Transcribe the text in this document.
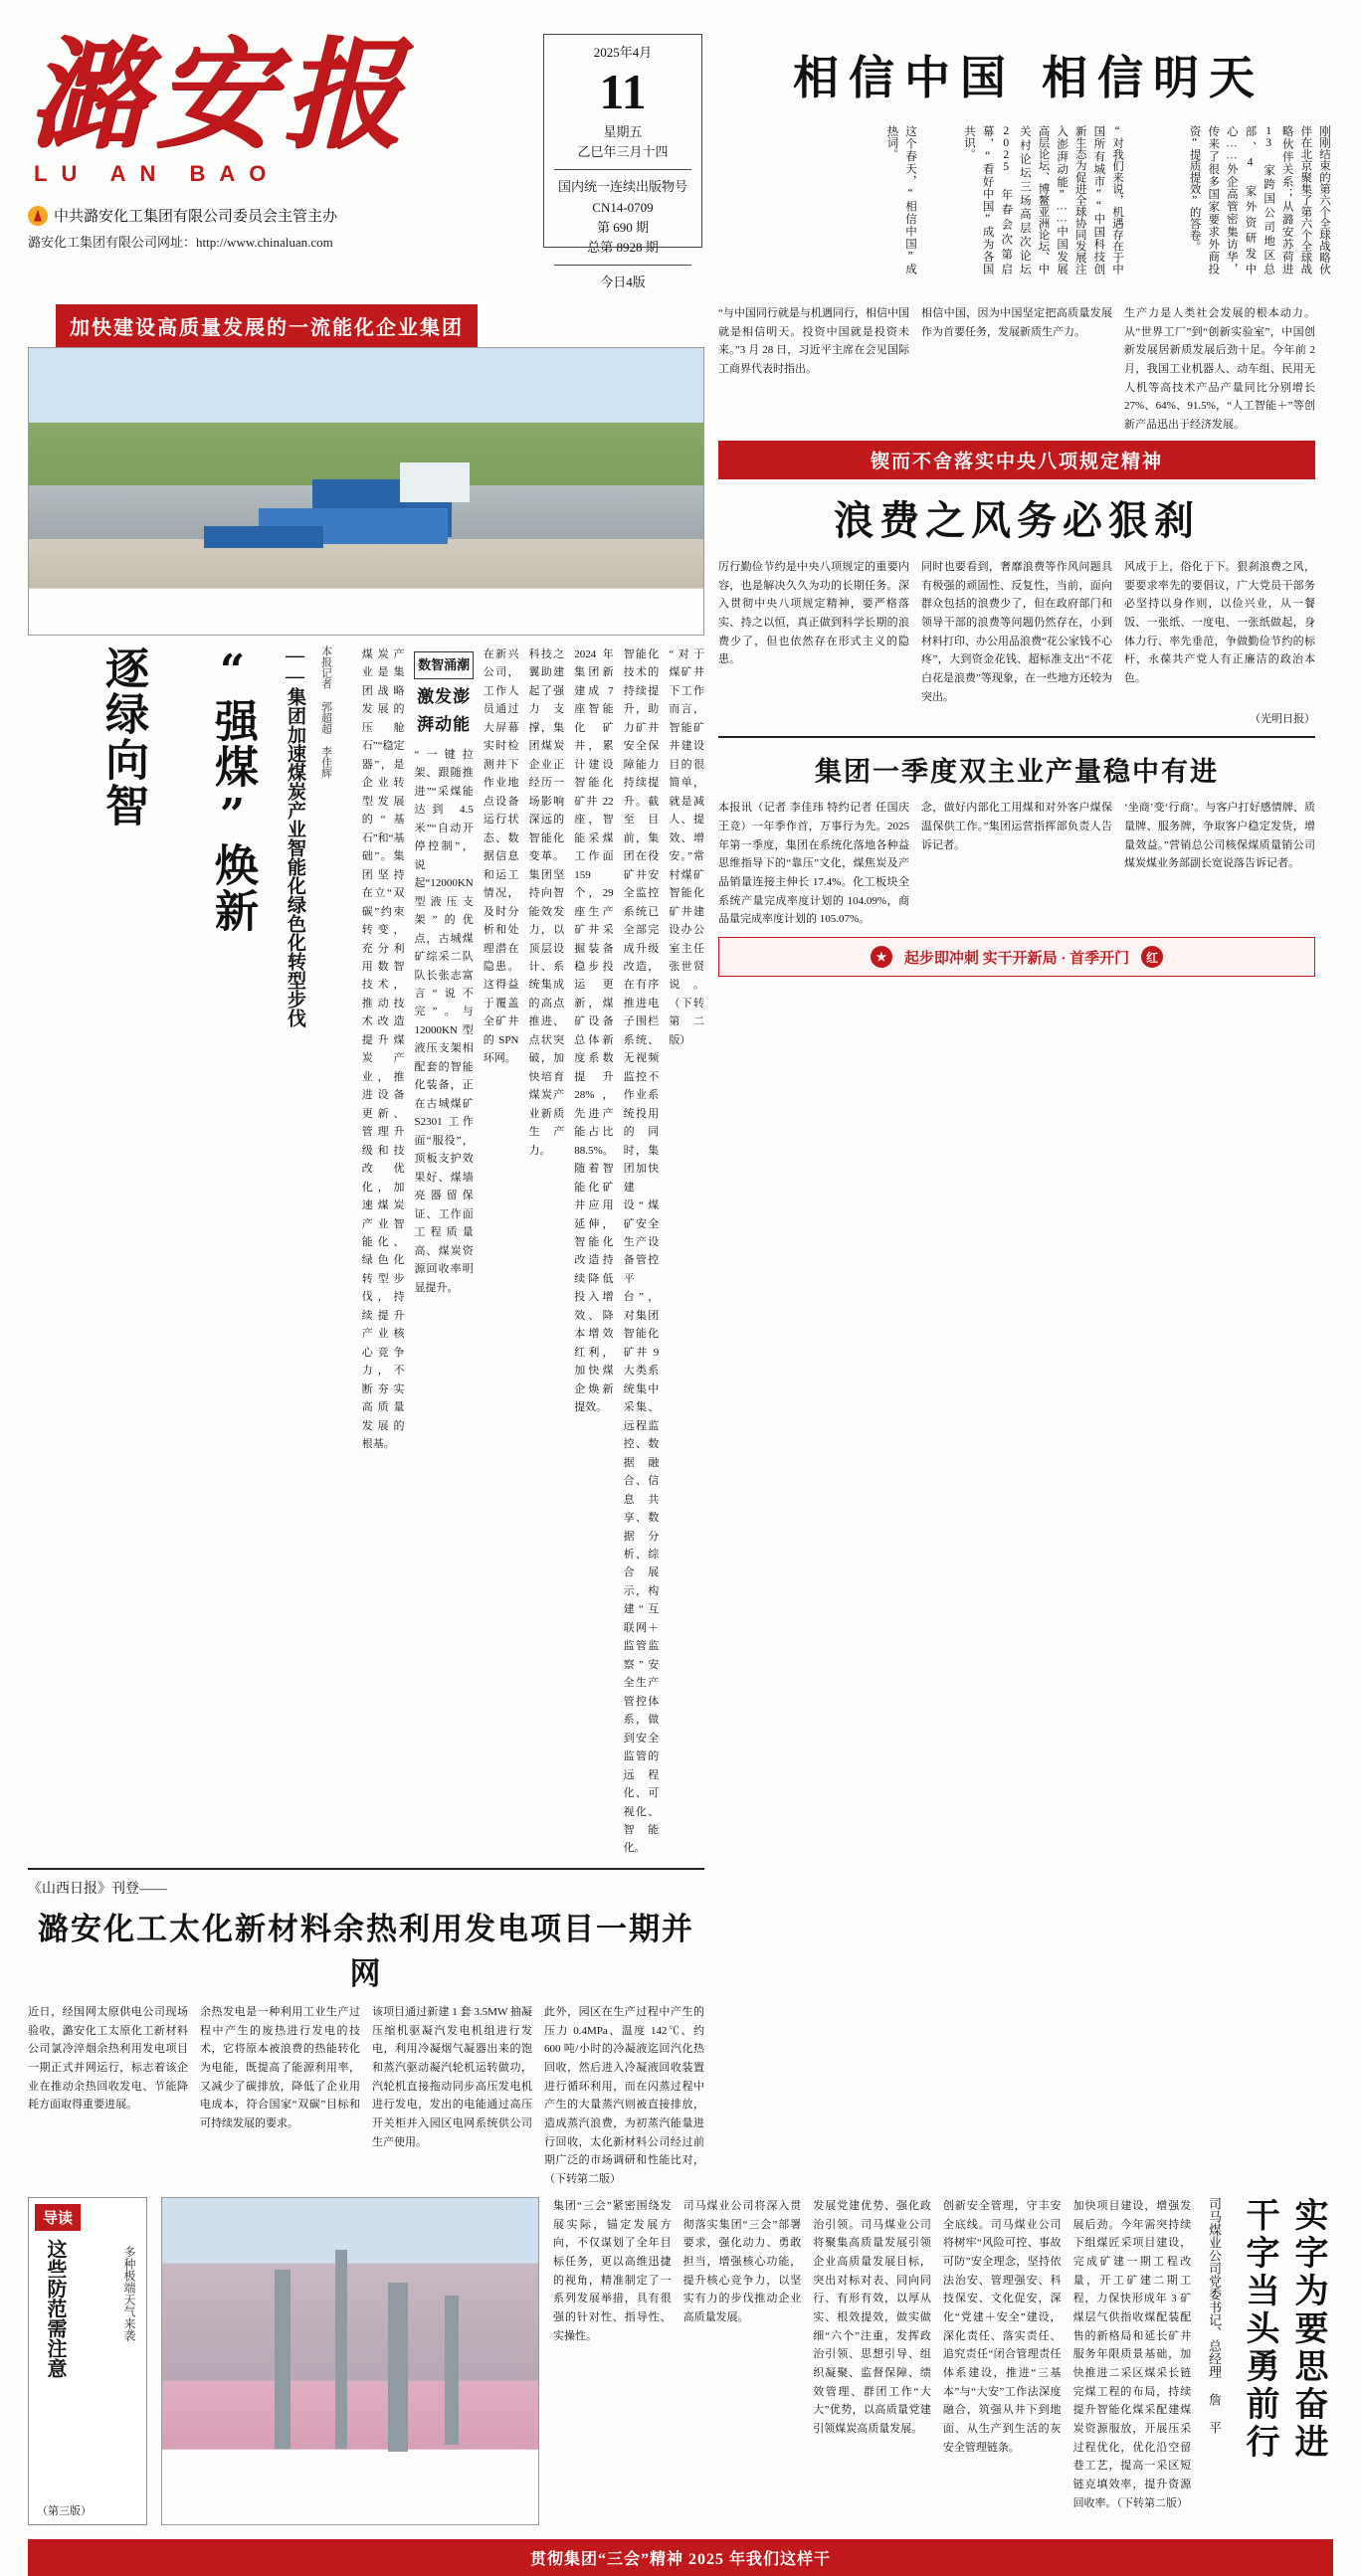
潞安报
LU AN BAO
中共潞安化工集团有限公司委员会主管主办
潞安化工集团有限公司网址：http://www.chinaluan.com
2025年4月
11
星期五
乙巳年三月十四
国内统一连续出版物号
CN14-0709
第 690 期
总第 8928 期
今日4版
相信中国 相信明天
这个春天，“相信中国”成热词。	“对我们来说，机遇存在于中国所有城市”“中国科技创新生态为促进全球协同发展注入澎湃动能”……中国发展高层论坛、博鳌亚洲论坛、中关村论坛三场高层次论坛 2025 年春会次第启幕，“看好中国”成为各国共识。	刚刚结束的第六个全球战略伙伴在北京聚集了第六个全球战略伙伴关系；从潞安苏荷进 13 家跨国公司地区总部、4 家外资研发中心……外企高管密集访华，传来了很多国家要求外商投资“提质提效”的答卷。
加快建设高质量发展的一流能化企业集团
潞安工程公司沁州煤业公司智能化矿区鸟瞰图	乔立强摄
逐绿向智	“强煤”焕新	——集团加速煤炭产业智能化绿色化转型步伐	本报记者 郭超超 李佳辉	煤炭产业是集团战略发展的压舱石”“稳定器”，是企业转型发展的“基石”和“基础”。集团坚持在立“双碳”约束转变，充分利用数智技术，推动技术改造提升煤炭产业，推进设备更新、管理升级和技改优化，加速煤炭产业智能化、绿色化转型步伐，持续提升产业核心竞争力，不断夯实高质量发展的根基。
数智涌潮
激发澎湃动能
“一键拉架、跟随推进”“采煤能达到 4.5 米”“自动开停控制”，说起“12000KN 型液压支架”的优点，古城煤矿综采二队队长张志富言“说不完”。与 12000KN 型液压支架相配套的智能化装备，正在古城煤矿 S2301 工作面“服役”，顶板支护效果好、煤墙亮器留保证、工作面工程质量高、煤炭资源回收率明显提升。
在新兴公司，工作人员通过大屏幕实时检测井下作业地点设备运行状态、数据信息和运工情况，及时分析和处理潜在隐患。这得益于覆盖全矿井的 SPN 环网。
科技之翼助建起了强力支撑，集团煤炭企业正经历一场影响深远的智能化变革。集团坚持向智能效发力，以顶层设计、系统集成的高点推进、点状突破，加快培育煤炭产业新质生产力。
2024 年集团新建成 7 座智能化矿井，累计建设智能化矿井 22 座，智能采煤工作面 159 个，29 座生产矿井采掘装备稳步投运更新，煤矿设备总体新度系数提升 28%，先进产能占比 88.5%。随着智能化矿井应用延伸，智能化改造持续降低投入增效、降本增效红利，加快煤企焕新提效。
智能化技术的持续提升，助力矿井安全保障能力持续提升。截至目前，集团在役矿井安全监控系统已全部完成升级改造，在有序推进电子围栏系统、无视频监控不作业系统投用的同时，集团加快建设“煤矿安全生产设备管控平台”，对集团智能化矿井 9 大类系统集中采集、远程监控、数据融合、信息共享、数据分析、综合展示，构建“互联网＋监管监察”安全生产管控体系，做到安全监管的远程化、可视化、智能化。
“对于煤矿井下工作而言，智能矿井建设目的很简单，就是减人、提效、增安。”常村煤矿智能化矿井建设办公室主任张世贤说。（下转第二版）
《山西日报》刊登——
潞安化工太化新材料余热利用发电项目一期并网
近日，经国网太原供电公司现场验收，潞安化工太原化工新材料公司氯冷淬烟余热利用发电项目一期正式并网运行，标志着该企业在推动余热回收发电、节能降耗方面取得重要进展。
余热发电是一种利用工业生产过程中产生的废热进行发电的技术，它将原本被浪费的热能转化为电能，既提高了能源利用率，又减少了碳排放，降低了企业用电成本，符合国家“双碳”目标和可持续发展的要求。
该项目通过新建 1 套 3.5MW 抽凝压缩机驱凝汽发电机组进行发电，利用冷凝烟气凝器出来的饱和蒸汽驱动凝汽轮机运转做功，汽轮机直接拖动同步高压发电机进行发电，发出的电能通过高压开关柜并入园区电网系统供公司生产使用。
此外，园区在生产过程中产生的压力 0.4MPa、温度 142℃、约 600 吨/小时的冷凝液迄回汽化热回收，然后进入冷凝液回收装置进行循环利用，而在闪蒸过程中产生的大量蒸汽则被直接排放，造成蒸汽浪费，为初蒸汽能量进行回收，太化新材料公司经过前期广泛的市场调研和性能比对，（下转第二版）
“与中国同行就是与机遇同行，相信中国就是相信明天。投资中国就是投资未来。”3 月 28 日，习近平主席在会见国际工商界代表时指出。
相信中国，因为中国坚定把高质量发展作为首要任务，发展新质生产力。
生产力是人类社会发展的根本动力。从“世界工厂”到“创新实验室”，中国创新发展居新质发展后劲十足。今年前 2 月，我国工业机器人、动车组、民用无人机等高技术产品产量同比分别增长 27%、64%、91.5%，“人工智能＋”等创新产品迅出于经济发展。
锲而不舍落实中央八项规定精神
浪费之风务必狠刹
厉行勤俭节约是中央八项规定的重要内容，也是解决久久为功的长期任务。深入贯彻中央八项规定精神，要严格落实、持之以恒，真正做到科学长期的浪费少了，但也依然存在形式主义的隐患。
同时也要看到，奢靡浪费等作风问题具有极强的顽固性、反复性，当前，面向群众包括的浪费少了，但在政府部门和领导干部的浪费等问题仍然存在，小到材料打印、办公用品浪费“花公家钱不心疼”，大到资金花钱、超标准支出“不花白花是浪费”等现象，在一些地方还较为突出。
风成于上，俗化于下。狠刹浪费之风，要要求率先的要倡议，广大党员干部务必坚持以身作则，以俭兴业，从一餐饭、一张纸、一度电、一张纸做起，身体力行、率先垂范，争做勤俭节约的标杆，永葆共产党人有正廉洁的政治本色。
（光明日报）
集团一季度双主业产量稳中有进
本报讯（记者 李佳玮 特约记者 任国庆 王竞）一年季作首，万事行为先。2025 年第一季度，集团在系统化落地各种益思维指导下的“靠压”文化，煤焦炭及产品销量连接主伸长 17.4%。化工板块全系统产量完成率度计划的 104.09%，商品量完成率度计划的 105.07%。
念，做好内部化工用煤和对外客户煤保温保供工作。”集团运营指挥部负责人告诉记者。
‘坐商’变‘行商’。与客户打好感情牌、质量牌、服务牌，争取客户稳定发货，增量效益。”营销总公司核保煤质量销公司煤炭煤业务部副长宽说落告诉记者。
★	起步即冲刺 实干开新局 · 首季开门	红
导读
这些防范需注意	多种极端天气来袭
（第三版）
集团“三会”紧密围绕发展实际，锚定发展方向，不仅谋划了全年目标任务，更以高维迅捷的视角，精准制定了一系列发展举措，具有很强的针对性、指导性、实操性。
司马煤业公司将深入贯彻落实集团“三会”部署要求，强化动力、勇敢担当，增强核心功能，提升核心竞争力，以坚实有力的步伐推动企业高质量发展。
发展党建优势、强化政治引领。司马煤业公司将聚集高质量发展引领企业高质量发展目标，突出对标对表、同向同行、有形有效，以厚从实、根效提效，做实做细“六个”注重，发挥政治引领、思想引导、组织凝聚、监督保障、绩效管理、群团工作“大大”优势，以高质量党建引领煤炭高质量发展。
创新安全管理，守丰安全底线。司马煤业公司将树牢“风险可控、事故可防”安全理念，坚持依法治安、管理强安、科技保安、文化促安，深化“党建＋安全”建设，深化责任、落实责任、追究责任“闭合管理责任体系建设，推进“三基本”与“大安”工作法深度融合，筑强从井下到地面、从生产到生活的灰安全管理链条。
加快项目建设，增强发展后劲。今年需突持续下组煤匠采项目建设，完成矿建一期工程改量，开工矿建二期工程，力保快形成年 3 矿煤层气供指收煤配装配售的新格局和延长矿井服务年限质景基础，加快推进二采区煤采长链完煤工程的布局，持续提升智能化煤采配建煤炭资源服放，开展压采过程优化，优化沿空留巷工艺，提高一采区短链克填效率，提升资源回收率。（下转第二版）
司马煤业公司党委书记、总经理 詹 平	实字为要思奋进 干字当头勇前行
贯彻集团“三会”精神 2025 年我们这样干
